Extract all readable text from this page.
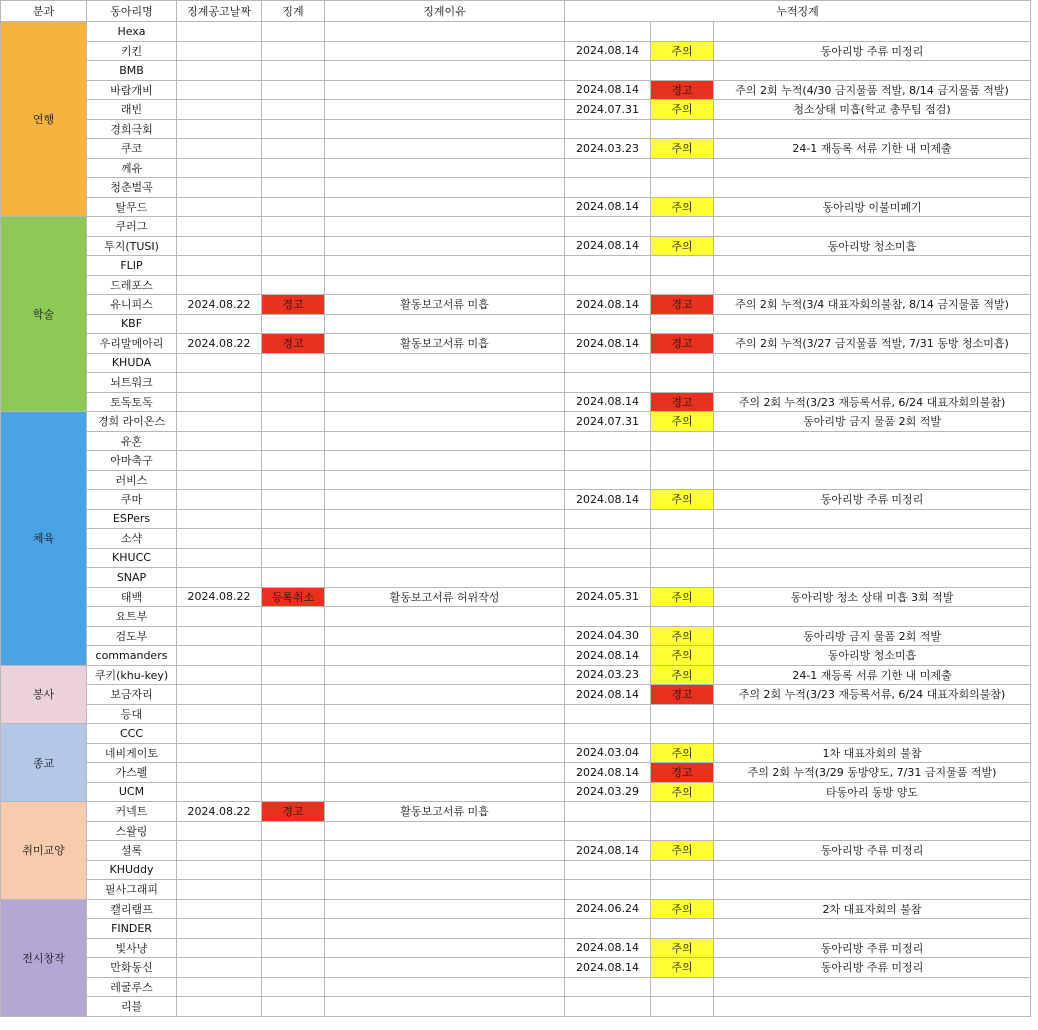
분과	동아리명	징계공고날짜	징계	징계이유	누적징계		
연행	Hexa						
	키킨				2024.08.14	주의	동아리방 주류 미정리
	BMB						
	바람개비				2024.08.14	경고	주의 2회 누적(4/30 금지물품 적발, 8/14 금지물품 적발)
	래빈				2024.07.31	주의	청소상태 미흡(학교 총무팀 점검)
	경희극회						
	쿠코				2024.03.23	주의	24-1 재등록 서류 기한 내 미제출
	께유						
	청춘벌곡						
	탈무드				2024.08.14	주의	동아리방 이불미폐기
학술	쿠러그						
	투지(TUSI)				2024.08.14	주의	동아리방 청소미흡
	FLIP						
	드레포스						
	유니피스	2024.08.22	경고	활동보고서류 미흡	2024.08.14	경고	주의 2회 누적(3/4 대표자회의불참, 8/14 금지물품 적발)
	KBF						
	우리말메아리	2024.08.22	경고	활동보고서류 미흡	2024.08.14	경고	주의 2회 누적(3/27 금지물품 적발, 7/31 동방 청소미흡)
	KHUDA						
	뇌트워크						
	토독토독				2024.08.14	경고	주의 2회 누적(3/23 재등록서류, 6/24 대표자회의불참)
체육	경희 라이온스				2024.07.31	주의	동아리방 금지 물품 2회 적발
	유혼						
	아마축구						
	러비스						
	쿠마				2024.08.14	주의	동아리방 주류 미정리
	ESPers						
	소샥						
	KHUCC						
	SNAP						
	태백	2024.08.22	등록취소	활동보고서류 허위작성	2024.05.31	주의	동아리방 청소 상태 미흡 3회 적발
	요트부						
	검도부				2024.04.30	주의	동아리방 금지 물품 2회 적발
	commanders				2024.08.14	주의	동아리방 청소미흡
봉사	쿠키(khu-key)				2024.03.23	주의	24-1 재등록 서류 기한 내 미제출
	보금자리				2024.08.14	경고	주의 2회 누적(3/23 재등록서류, 6/24 대표자회의불참)
	등대						
종교	CCC						
	네비게이토				2024.03.04	주의	1차 대표자회의 불참
	가스펠				2024.08.14	경고	주의 2회 누적(3/29 동방양도, 7/31 금지물품 적발)
	UCM				2024.03.29	주의	타동아리 동방 양도
취미교양	커넥트	2024.08.22	경고	활동보고서류 미흡			
	스왈링						
	셜록				2024.08.14	주의	동아리방 주류 미정리
	KHUddy						
	필사그래피						
전시창작	캘리램프				2024.06.24	주의	2차 대표자회의 불참
	FINDER						
	빛사냥				2024.08.14	주의	동아리방 주류 미정리
	만화동신				2024.08.14	주의	동아리방 주류 미정리
	레굴루스						
	리블						
